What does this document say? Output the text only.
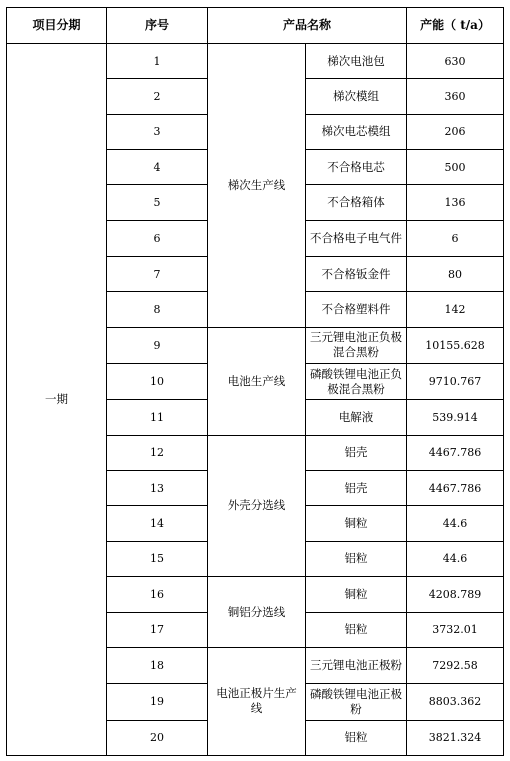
项目分期	序号	产品名称		产能（ t/a）
一期	1	梯次生产线	梯次电池包	630
	2		梯次模组	360
	3		梯次电芯模组	206
	4		不合格电芯	500
	5		不合格箱体	136
	6		不合格电子电气件	6
	7		不合格钣金件	80
	8		不合格塑料件	142
	9	电池生产线	三元锂电池正负极混合黑粉	10155.628
	10		磷酸铁锂电池正负极混合黑粉	9710.767
	11		电解液	539.914
	12	外壳分选线	铝壳	4467.786
	13		铝壳	4467.786
	14		铜粒	44.6
	15		铝粒	44.6
	16	铜铝分选线	铜粒	4208.789
	17		铝粒	3732.01
	18	电池正极片生产线	三元锂电池正极粉	7292.58
	19		磷酸铁锂电池正极粉	8803.362
	20		铝粒	3821.324
